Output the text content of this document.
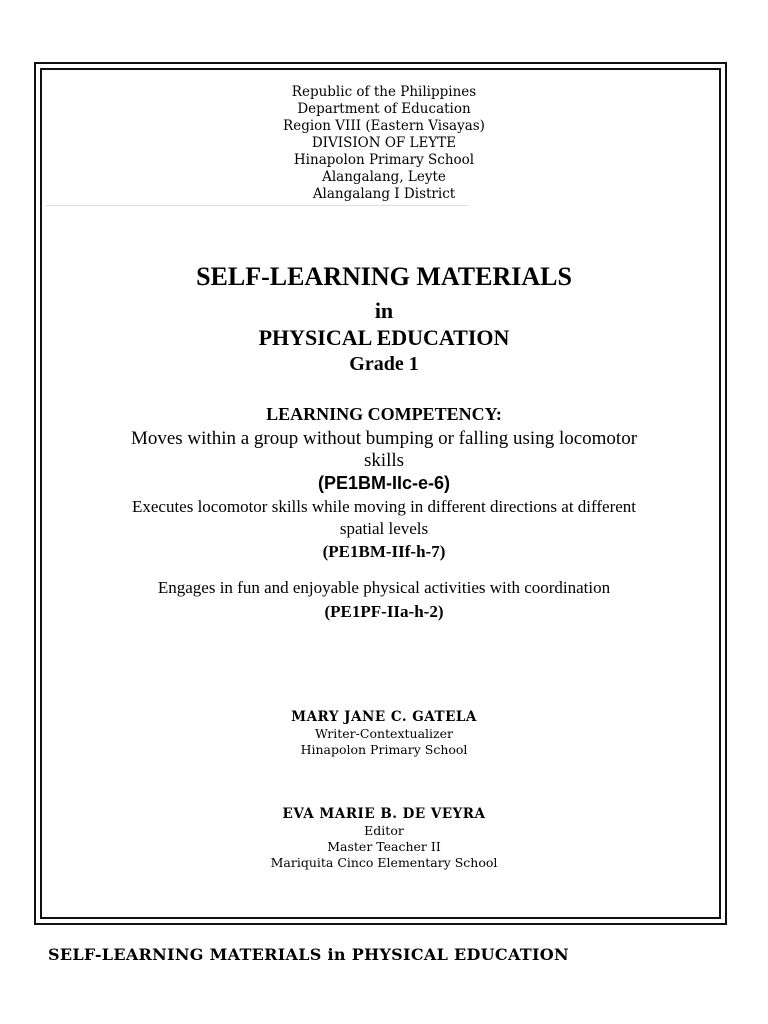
Republic of the Philippines
Department of Education
Region VIII (Eastern Visayas)
DIVISION OF LEYTE
Hinapolon Primary School
Alangalang, Leyte
Alangalang I District
SELF-LEARNING MATERIALS
in
PHYSICAL EDUCATION
Grade 1
LEARNING COMPETENCY:
Moves within a group without bumping or falling using locomotor
skills
(PE1BM-IIc-e-6)
Executes locomotor skills while moving in different directions at different
spatial levels
(PE1BM-IIf-h-7)
Engages in fun and enjoyable physical activities with coordination
(PE1PF-IIa-h-2)
MARY JANE C. GATELA
Writer-Contextualizer
Hinapolon Primary School
EVA MARIE B. DE VEYRA
Editor
Master Teacher II
Mariquita Cinco Elementary School
SELF-LEARNING MATERIALS in PHYSICAL EDUCATION
